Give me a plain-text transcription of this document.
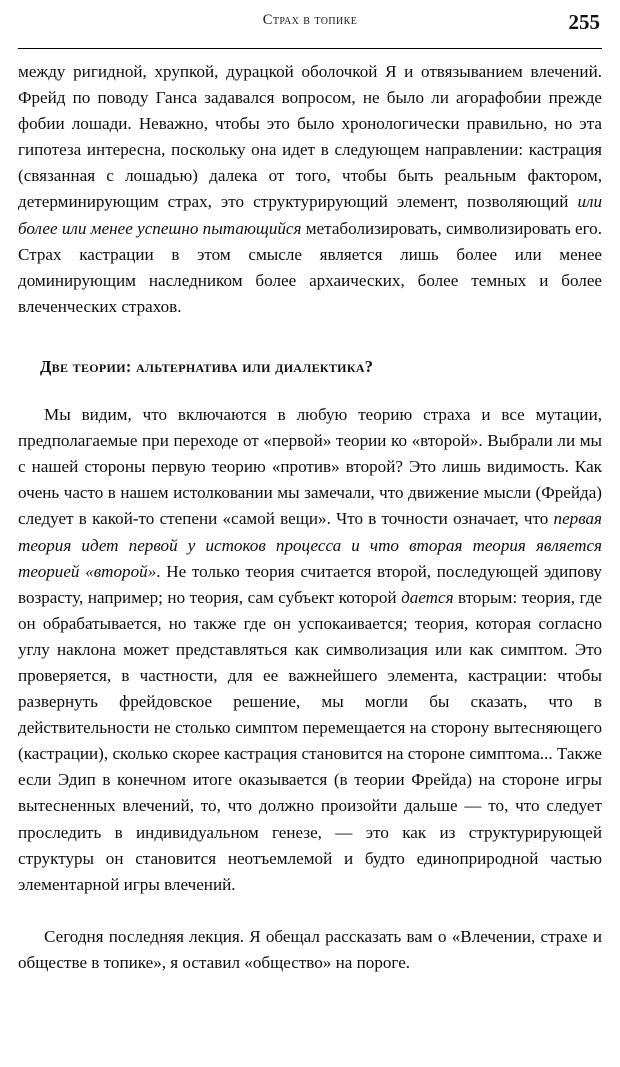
Страх в топике	255

между ригидной, хрупкой, дурацкой оболочкой Я и отвязыванием влечений. Фрейд по поводу Ганса задавался вопросом, не было ли агорафобии прежде фобии лошади. Неважно, чтобы это было хронологически правильно, но эта гипотеза интересна, поскольку она идет в следующем направлении: кастрация (связанная с лошадью) далека от того, чтобы быть реальным фактором, детерминирующим страх, это структурирующий элемент, позволяющий или более или менее успешно пытающийся метаболизировать, символизировать его. Страх кастрации в этом смысле является лишь более или менее доминирующим наследником более архаических, более темных и более влеченческих страхов.

Две теории: альтернатива или диалектика?

Мы видим, что включаются в любую теорию страха и все мутации, предполагаемые при переходе от «первой» теории ко «второй». Выбрали ли мы с нашей стороны первую теорию «против» второй? Это лишь видимость. Как очень часто в нашем истолковании мы замечали, что движение мысли (Фрейда) следует в какой-то степени «самой вещи». Что в точности означает, что первая теория идет первой у истоков процесса и что вторая теория является теорией «второй». Не только теория считается второй, последующей эдипову возрасту, например; но теория, сам субъект которой дается вторым: теория, где он обрабатывается, но также где он успокаивается; теория, которая согласно углу наклона может представляться как символизация или как симптом. Это проверяется, в частности, для ее важнейшего элемента, кастрации: чтобы развернуть фрейдовское решение, мы могли бы сказать, что в действительности не столько симптом перемещается на сторону вытесняющего (кастрации), сколько скорее кастрация становится на стороне симптома... Также если Эдип в конечном итоге оказывается (в теории Фрейда) на стороне игры вытесненных влечений, то, что должно произойти дальше — то, что следует проследить в индивидуальном генезе, — это как из структурирующей структуры он становится неотъемлемой и будто единоприродной частью элементарной игры влечений.

Сегодня последняя лекция. Я обещал рассказать вам о «Влечении, страхе и обществе в топике», я оставил «общество» на пороге.
